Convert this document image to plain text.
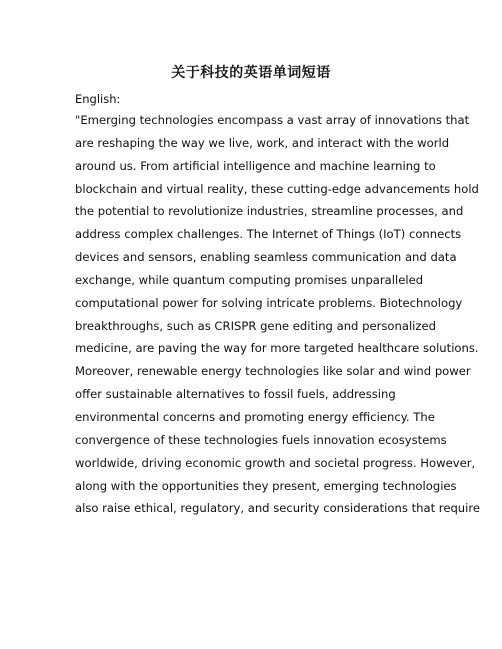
关于科技的英语单词短语
English:
"Emerging technologies encompass a vast array of innovations that
are reshaping the way we live, work, and interact with the world
around us. From artificial intelligence and machine learning to
blockchain and virtual reality, these cutting-edge advancements hold
the potential to revolutionize industries, streamline processes, and
address complex challenges. The Internet of Things (IoT) connects
devices and sensors, enabling seamless communication and data
exchange, while quantum computing promises unparalleled
computational power for solving intricate problems. Biotechnology
breakthroughs, such as CRISPR gene editing and personalized
medicine, are paving the way for more targeted healthcare solutions.
Moreover, renewable energy technologies like solar and wind power
offer sustainable alternatives to fossil fuels, addressing
environmental concerns and promoting energy efficiency. The
convergence of these technologies fuels innovation ecosystems
worldwide, driving economic growth and societal progress. However,
along with the opportunities they present, emerging technologies
also raise ethical, regulatory, and security considerations that require
